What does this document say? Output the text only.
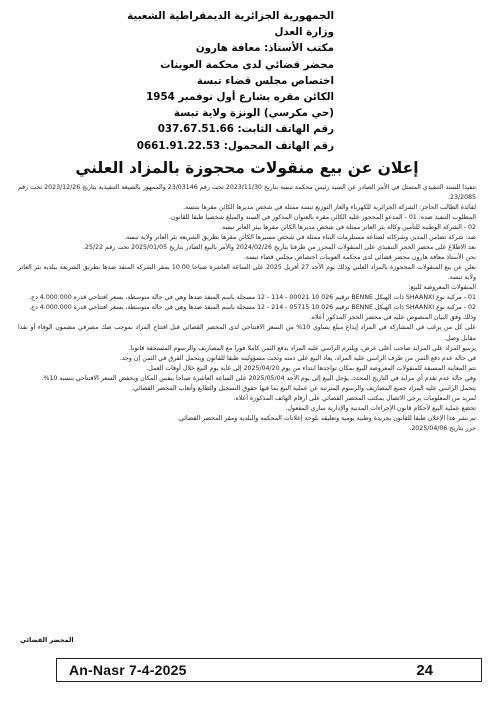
الجمهورية الجزائرية الديمقراطية الشعبية
وزارة العدل
مكتب الأستاذ: معافة هارون
محضر قضائي لدى محكمة العوينات
اختصاص مجلس قضاء تبسة
الكائن مقره بشارع أول نوفمبر 1954
(حي مكرسي) الونزة ولاية تبسة
رقم الهاتف الثابت: 037.67.51.66
رقم الهاتف المحمول: 0661.91.22.53
إعلان عن بيع منقولات محجوزة بالمزاد العلني

تنفيذا للسند التنفيذي المتمثل في الأمر الصادر عن السيد رئيس محكمة تبسة بتاريخ 2023/11/30 تحت رقم 23/03146 والممهور بالصيغة التنفيذية بتاريخ 2023/12/26 تحت رقم 23/2085.

لفائدة الطالب الحاجز: الشركة الجزائرية للكهرباء والغاز التوزيع تبسة ممثلة في شخص مديرها الكائن مقرها بتبسة.

المطلوب التنفيذ ضده: 01 - المدعو المحجوز عليه الكائن مقره بالعنوان المذكور في السند والمبلغ شخصيا طبقا للقانون.

02 - الشركة الوطنية للتأمين وكالة بئر العاتر ممثلة في شخص مديرها الكائن مقرها ببئر العاتر تبسة.

ضد: شركة تضامن المدين وشركائه لصناعة مستلزمات البناء ممثلة في شخص مسيرها الكائن مقرها بطريق الشريعة بئر العاتر ولاية تبسة.

بعد الاطلاع على محضر الحجز التنفيذي على المنقولات المحرر من طرفنا بتاريخ 2024/02/26 والأمر بالبيع الصادر بتاريخ 2025/01/05 تحت رقم 25/22.

نحن الأستاذ معافة هارون محضر قضائي لدى محكمة العوينات اختصاص مجلس قضاء تبسة.

نعلن عن بيع المنقولات المحجوزة بالمزاد العلني وذلك يوم الأحد 27 أفريل 2025 على الساعة العاشرة صباحا 10:00 بمقر الشركة المنفذ ضدها بطريق الشريعة ببلدية بئر العاتر ولاية تبسة.

المنقولات المعروضة للبيع:

01 - مركبة نوع SHAANXI ذات الهيكل BENNE ترقيم 026 10 00021 - 114 - 12 مسجلة باسم المنفذ ضدها وهي في حالة متوسطة، بسعر افتتاحي قدره 4.000.000 دج.

02 - مركبة نوع SHAANXI ذات الهيكل BENNE ترقيم 026 10 05715 - 214 - 12 مسجلة باسم المنفذ ضدها وهي في حالة متوسطة، بسعر افتتاحي قدره 4.000.000 دج.

وذلك وفق البيان المنصوص عليه في محضر الحجز المذكور أعلاه.

على كل من يرغب في المشاركة في المزاد إيداع مبلغ يساوي 10% من السعر الافتتاحي لدى المحضر القضائي قبل افتتاح المزاد بموجب صك مصرفي مضمون الوفاء أو نقدا مقابل وصل.

يرسو المزاد على المزايد صاحب أعلى عرض، ويلتزم الراسي عليه المزاد بدفع الثمن كاملا فورا مع المصاريف والرسوم المستحقة قانونا.

في حالة عدم دفع الثمن من طرف الراسي عليه المزاد، يعاد البيع على ذمته وتحت مسؤوليته طبقا للقانون ويتحمل الفرق في الثمن إن وجد.

تتم المعاينة المسبقة للمنقولات المعروضة للبيع بمكان تواجدها ابتداء من يوم 2025/04/20 إلى غاية يوم البيع خلال أوقات العمل.

وفي حالة عدم تقدم أي مزايد في التاريخ المحدد، يؤجل البيع إلى يوم الأحد 2025/05/04 على الساعة العاشرة صباحا بنفس المكان ويخفض السعر الافتتاحي بنسبة 10%.

يتحمل الراسي عليه المزاد جميع المصاريف والرسوم المترتبة عن عملية البيع بما فيها حقوق التسجيل والطابع وأتعاب المحضر القضائي.

لمزيد من المعلومات يرجى الاتصال بمكتب المحضر القضائي على أرقام الهاتف المذكورة أعلاه.

تخضع عملية البيع لأحكام قانون الإجراءات المدنية والإدارية ساري المفعول.

تم نشر هذا الإعلان طبقا للقانون بجريدة وطنية يومية وتعليقه بلوحة إعلانات المحكمة والبلدية ومقر المحضر القضائي.

حرر بتاريخ 2025/04/06.

المحضر القضائي
An-Nasr 7-4-2025	24
